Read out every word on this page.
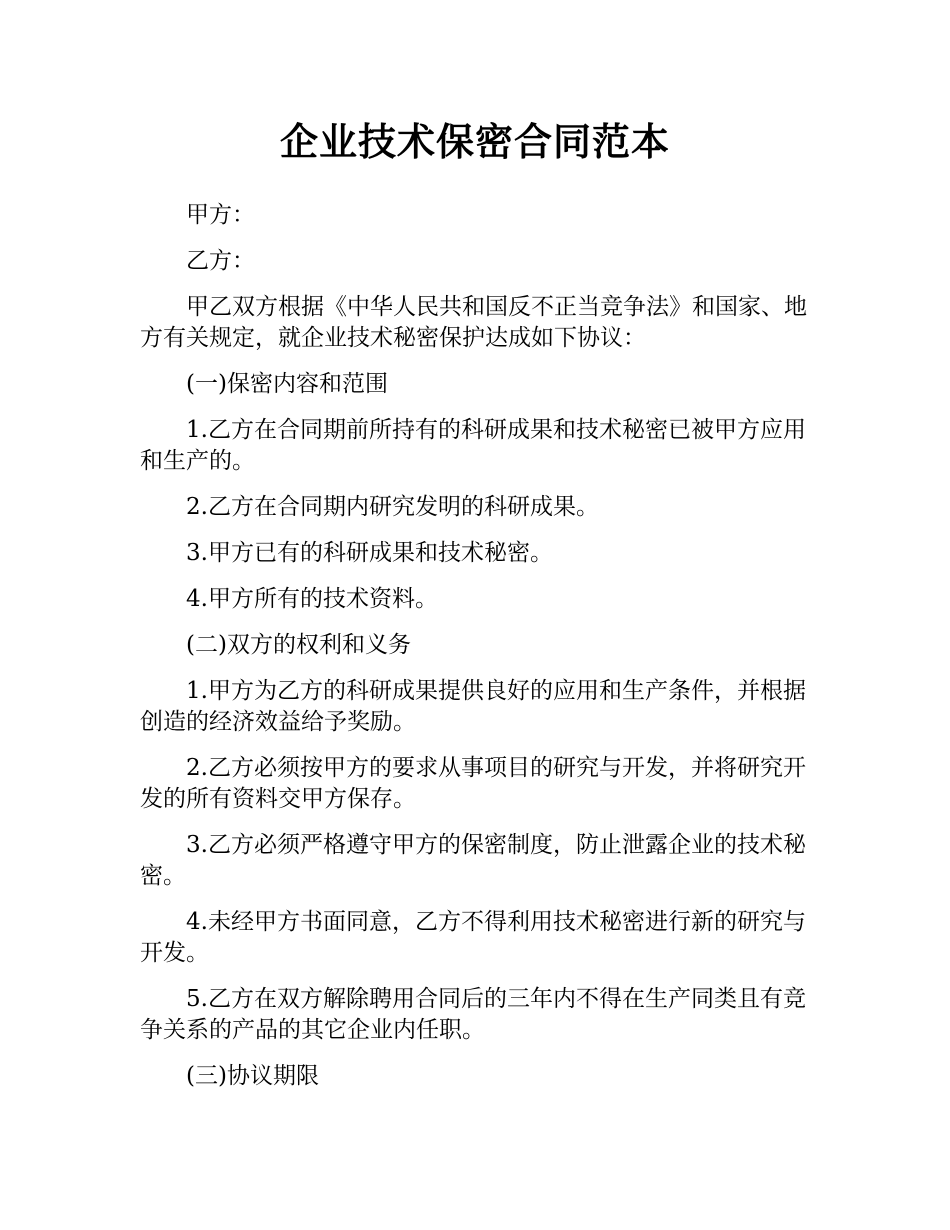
企业技术保密合同范本

甲方：

乙方：

甲乙双方根据《中华人民共和国反不正当竞争法》和国家、地方有关规定，就企业技术秘密保护达成如下协议：

(一)保密内容和范围

1.乙方在合同期前所持有的科研成果和技术秘密已被甲方应用和生产的。

2.乙方在合同期内研究发明的科研成果。

3.甲方已有的科研成果和技术秘密。

4.甲方所有的技术资料。

(二)双方的权利和义务

1.甲方为乙方的科研成果提供良好的应用和生产条件，并根据创造的经济效益给予奖励。

2.乙方必须按甲方的要求从事项目的研究与开发，并将研究开发的所有资料交甲方保存。

3.乙方必须严格遵守甲方的保密制度，防止泄露企业的技术秘密。

4.未经甲方书面同意，乙方不得利用技术秘密进行新的研究与开发。

5.乙方在双方解除聘用合同后的三年内不得在生产同类且有竞争关系的产品的其它企业内任职。

(三)协议期限
